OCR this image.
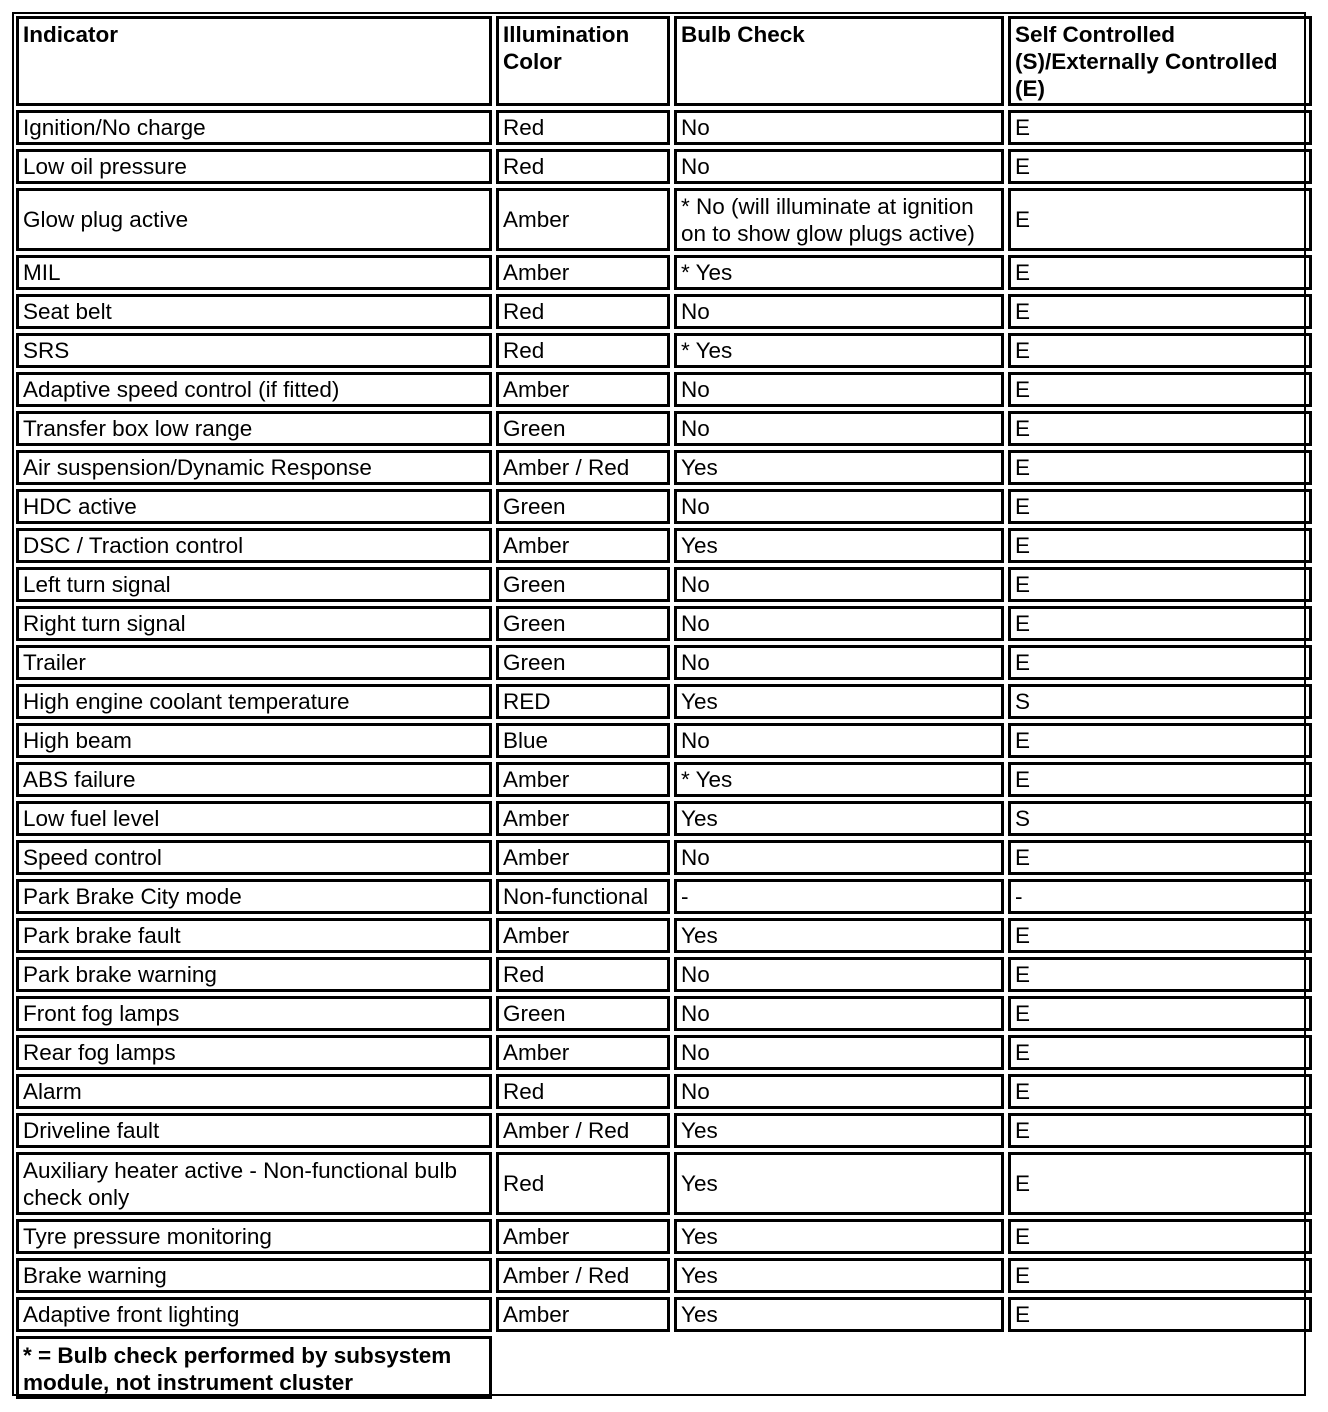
Indicator	Illumination Color	Bulb Check	Self Controlled (S)/Externally Controlled (E)
Ignition/No charge	Red	No	E
Low oil pressure	Red	No	E
Glow plug active	Amber	* No (will illuminate at ignition on to show glow plugs active)	E
MIL	Amber	* Yes	E
Seat belt	Red	No	E
SRS	Red	* Yes	E
Adaptive speed control (if fitted)	Amber	No	E
Transfer box low range	Green	No	E
Air suspension/Dynamic Response	Amber / Red	Yes	E
HDC active	Green	No	E
DSC / Traction control	Amber	Yes	E
Left turn signal	Green	No	E
Right turn signal	Green	No	E
Trailer	Green	No	E
High engine coolant temperature	RED	Yes	S
High beam	Blue	No	E
ABS failure	Amber	* Yes	E
Low fuel level	Amber	Yes	S
Speed control	Amber	No	E
Park Brake City mode	Non-functional	-	-
Park brake fault	Amber	Yes	E
Park brake warning	Red	No	E
Front fog lamps	Green	No	E
Rear fog lamps	Amber	No	E
Alarm	Red	No	E
Driveline fault	Amber / Red	Yes	E
Auxiliary heater active - Non-functional bulb check only	Red	Yes	E
Tyre pressure monitoring	Amber	Yes	E
Brake warning	Amber / Red	Yes	E
Adaptive front lighting	Amber	Yes	E
* = Bulb check performed by subsystem module, not instrument cluster			
